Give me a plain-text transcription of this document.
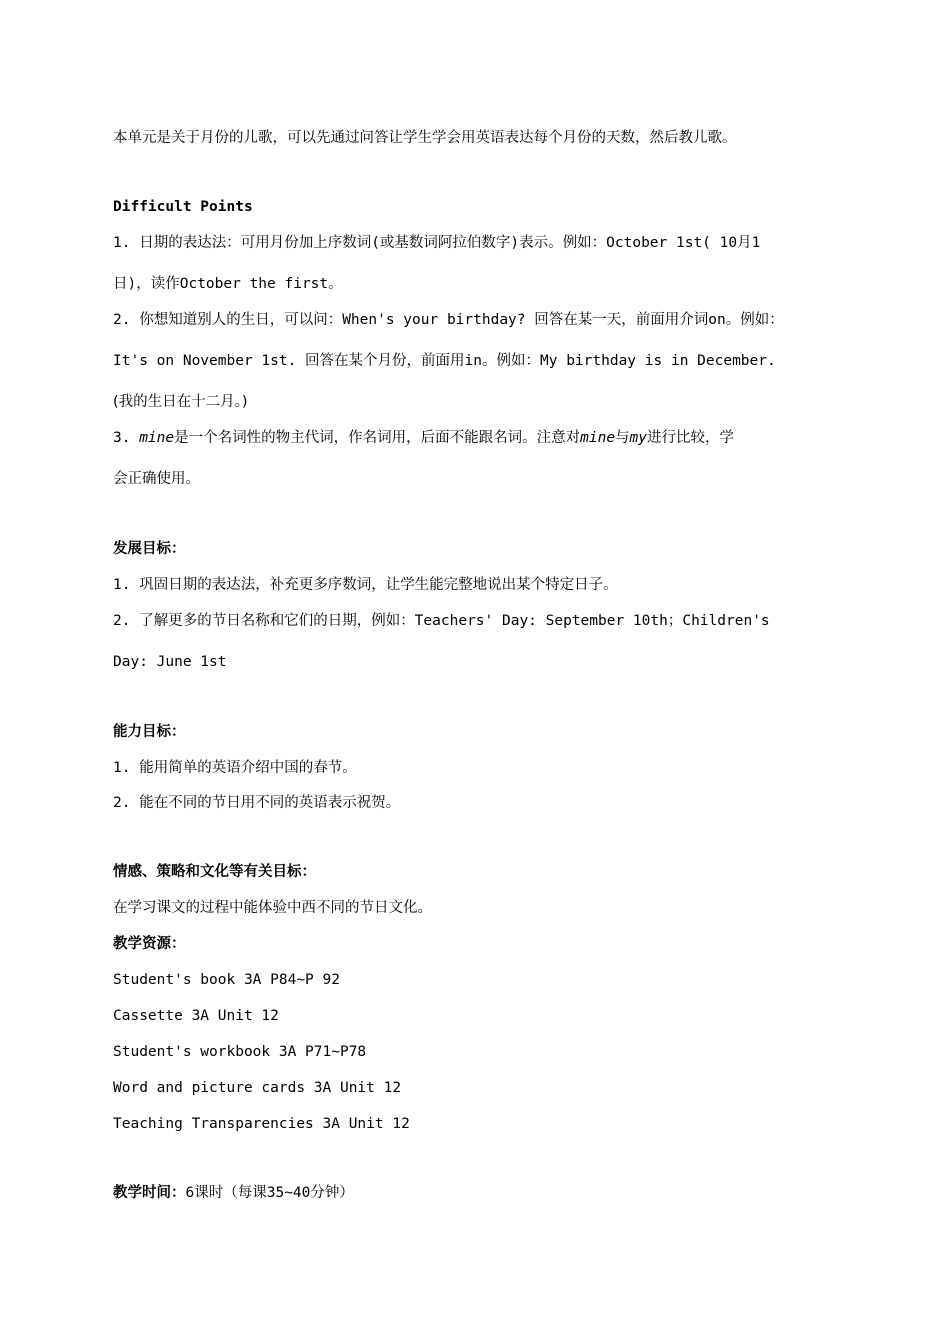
本单元是关于月份的儿歌，可以先通过问答让学生学会用英语表达每个月份的天数，然后教儿歌。
Difficult Points
1. 日期的表达法：可用月份加上序数词(或基数词阿拉伯数字)表示。例如：October 1st( 10月1
日)，读作October the first。
2. 你想知道别人的生日，可以问：When's your birthday? 回答在某一天，前面用介词on。例如：
It's on November 1st. 回答在某个月份，前面用in。例如：My birthday is in December.
(我的生日在十二月。)
3. mine是一个名词性的物主代词，作名词用，后面不能跟名词。注意对mine与my进行比较，学
会正确使用。
发展目标：
1. 巩固日期的表达法，补充更多序数词，让学生能完整地说出某个特定日子。
2. 了解更多的节日名称和它们的日期，例如：Teachers' Day: September 10th；Children's
Day: June 1st
能力目标：
1. 能用简单的英语介绍中国的春节。
2. 能在不同的节日用不同的英语表示祝贺。
情感、策略和文化等有关目标：
在学习课文的过程中能体验中西不同的节日文化。
教学资源：
Student's book 3A P84~P 92
Cassette 3A Unit 12
Student's workbook 3A P71~P78
Word and picture cards 3A Unit 12
Teaching Transparencies 3A Unit 12
教学时间：6课时（每课35~40分钟）
